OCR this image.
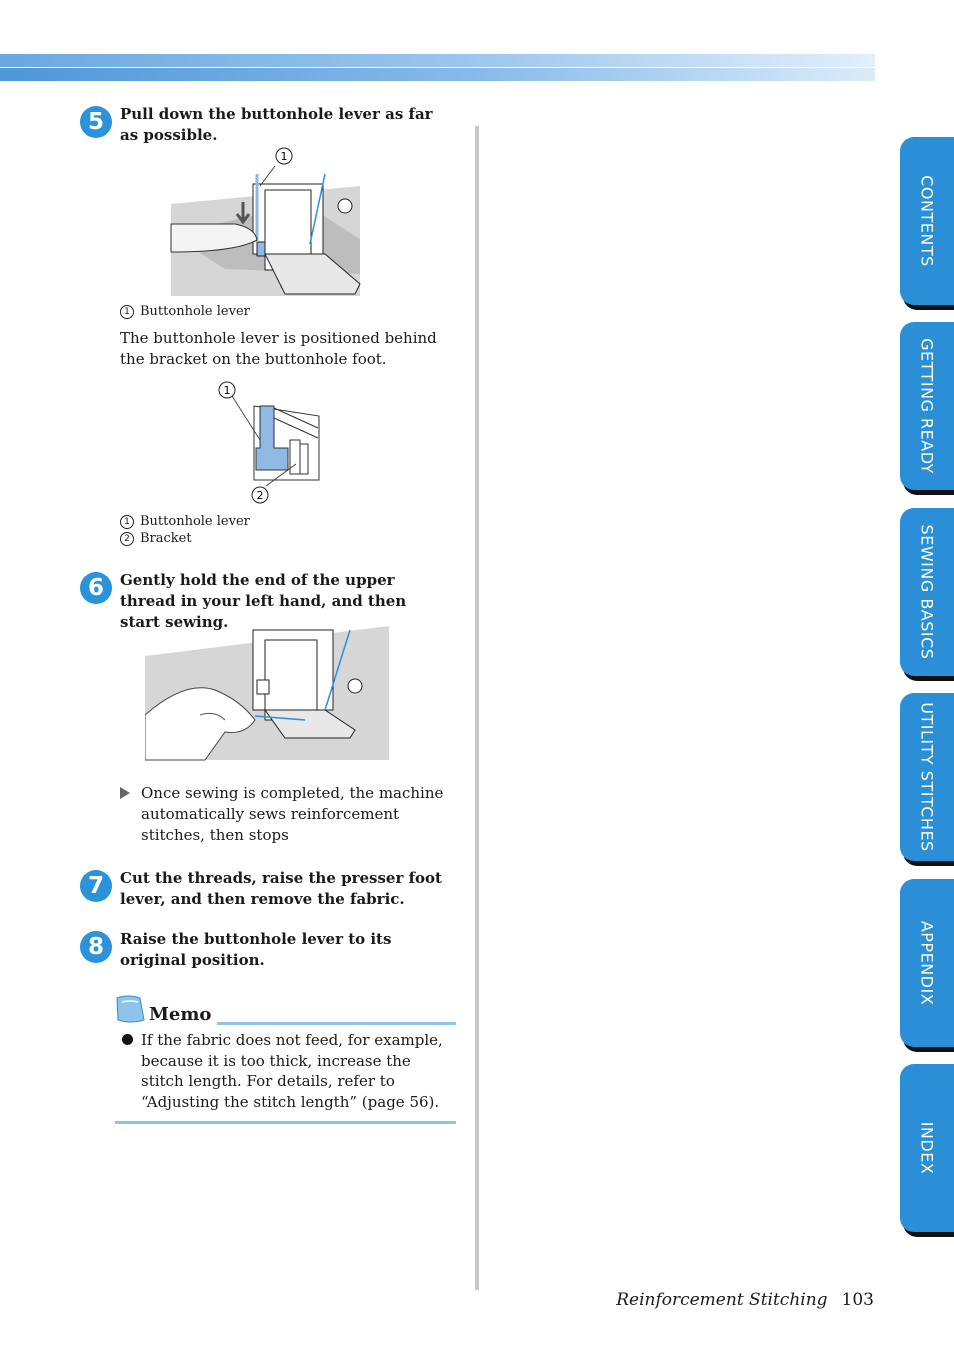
5	Pull down the buttonhole lever as far as possible.
1
1 Buttonhole lever
The buttonhole lever is positioned behind the bracket on the buttonhole foot.
1
2
1 Buttonhole lever
2 Bracket
6	Gently hold the end of the upper thread in your left hand, and then start sewing.
Once sewing is completed, the machine automatically sews reinforcement stitches, then stops
7	Cut the threads, raise the presser foot lever, and then remove the fabric.
8	Raise the buttonhole lever to its original position.
Memo
If the fabric does not feed, for example, because it is too thick, increase the stitch length. For details, refer to “Adjusting the stitch length” (page 56).
CONTENTS
GETTING READY
SEWING BASICS
UTILITY STITCHES
APPENDIX
INDEX
Reinforcement Stitching 103
